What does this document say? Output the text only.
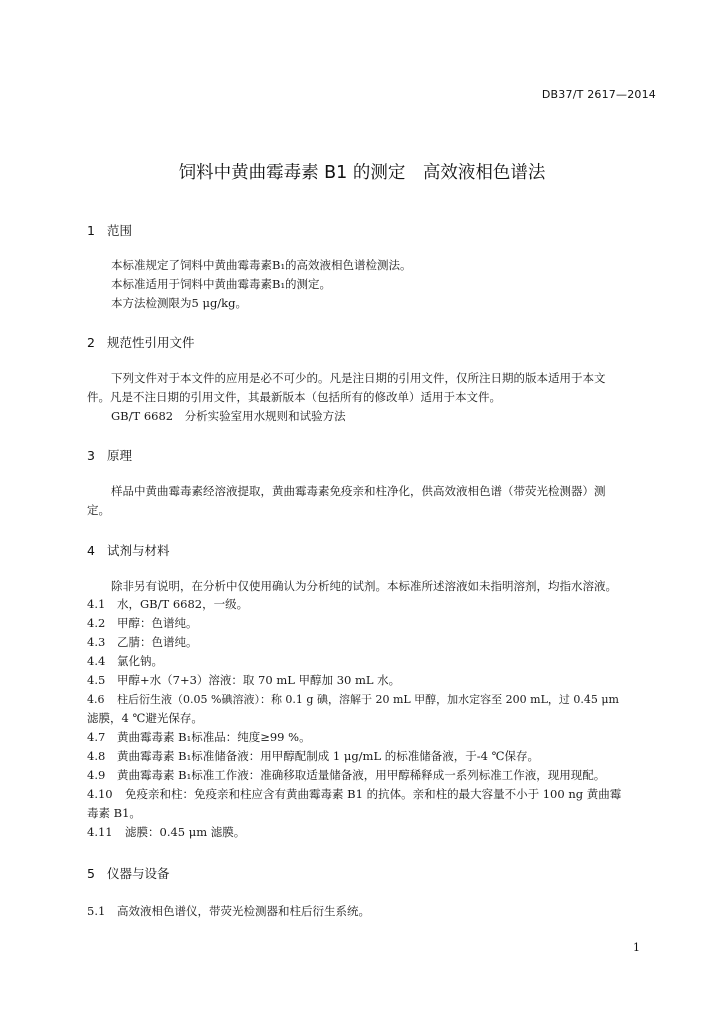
DB37/T 2617—2014
饲料中黄曲霉毒素 B1 的测定　高效液相色谱法
1 范围
本标准规定了饲料中黄曲霉毒素B₁的高效液相色谱检测法。
本标准适用于饲料中黄曲霉毒素B₁的测定。
本方法检测限为5 μg/kg。
2 规范性引用文件
下列文件对于本文件的应用是必不可少的。凡是注日期的引用文件，仅所注日期的版本适用于本文
件。凡是不注日期的引用文件，其最新版本（包括所有的修改单）适用于本文件。
GB/T 6682　分析实验室用水规则和试验方法
3 原理
样品中黄曲霉毒素经溶液提取，黄曲霉毒素免疫亲和柱净化，供高效液相色谱（带荧光检测器）测
定。
4 试剂与材料
除非另有说明，在分析中仅使用确认为分析纯的试剂。本标准所述溶液如未指明溶剂，均指水溶液。
4.1 水，GB/T 6682，一级。
4.2 甲醇：色谱纯。
4.3 乙腈：色谱纯。
4.4 氯化钠。
4.5 甲醇+水（7+3）溶液：取 70 mL 甲醇加 30 mL 水。
4.6 柱后衍生液（0.05 %碘溶液）：称 0.1 g 碘，溶解于 20 mL 甲醇，加水定容至 200 mL，过 0.45 μm
滤膜，4 ℃避光保存。
4.7 黄曲霉毒素 B₁标准品：纯度≥99 %。
4.8 黄曲霉毒素 B₁标准储备液：用甲醇配制成 1 μg/mL 的标准储备液，于-4 ℃保存。
4.9 黄曲霉毒素 B₁标准工作液：准确移取适量储备液，用甲醇稀释成一系列标准工作液，现用现配。
4.10 免疫亲和柱：免疫亲和柱应含有黄曲霉毒素 B1 的抗体。亲和柱的最大容量不小于 100 ng 黄曲霉
毒素 B1。
4.11 滤膜：0.45 μm 滤膜。
5 仪器与设备
5.1 高效液相色谱仪，带荧光检测器和柱后衍生系统。
1
